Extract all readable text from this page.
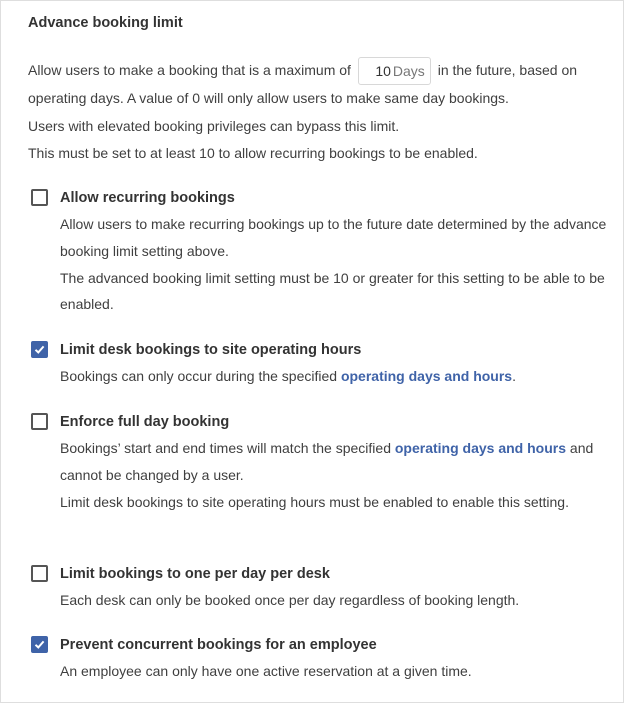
Advance booking limit
Allow users to make a booking that is a maximum of 10 Days in the future, based on operating days. A value of 0 will only allow users to make same day bookings.
Users with elevated booking privileges can bypass this limit.
This must be set to at least 10 to allow recurring bookings to be enabled.
Allow recurring bookings
Allow users to make recurring bookings up to the future date determined by the advance booking limit setting above.
The advanced booking limit setting must be 10 or greater for this setting to be able to be enabled.
Limit desk bookings to site operating hours
Bookings can only occur during the specified operating days and hours.
Enforce full day booking
Bookings’ start and end times will match the specified operating days and hours and cannot be changed by a user.
Limit desk bookings to site operating hours must be enabled to enable this setting.
Limit bookings to one per day per desk
Each desk can only be booked once per day regardless of booking length.
Prevent concurrent bookings for an employee
An employee can only have one active reservation at a given time.
